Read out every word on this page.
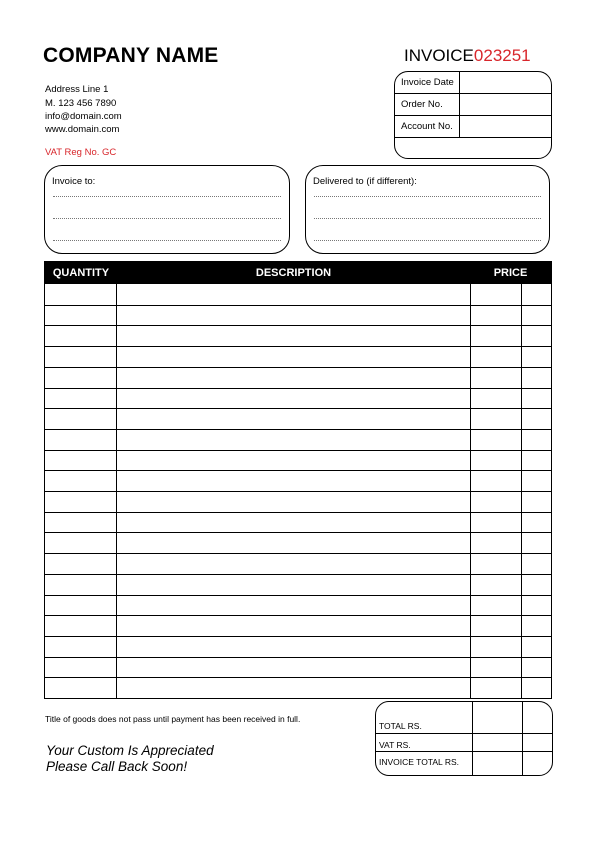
COMPANY NAME	INVOICE023251
Address Line 1
M. 123 456 7890
info@domain.com
www.domain.com
VAT Reg No. GC
Invoice Date
Order No.
Account No.
Invoice to:	Delivered to (if different):
QUANTITY	DESCRIPTION	PRICE
Title of goods does not pass until payment has been received in full.
Your Custom Is Appreciated
Please Call Back Soon!
TOTAL RS.
VAT RS.
INVOICE TOTAL RS.
